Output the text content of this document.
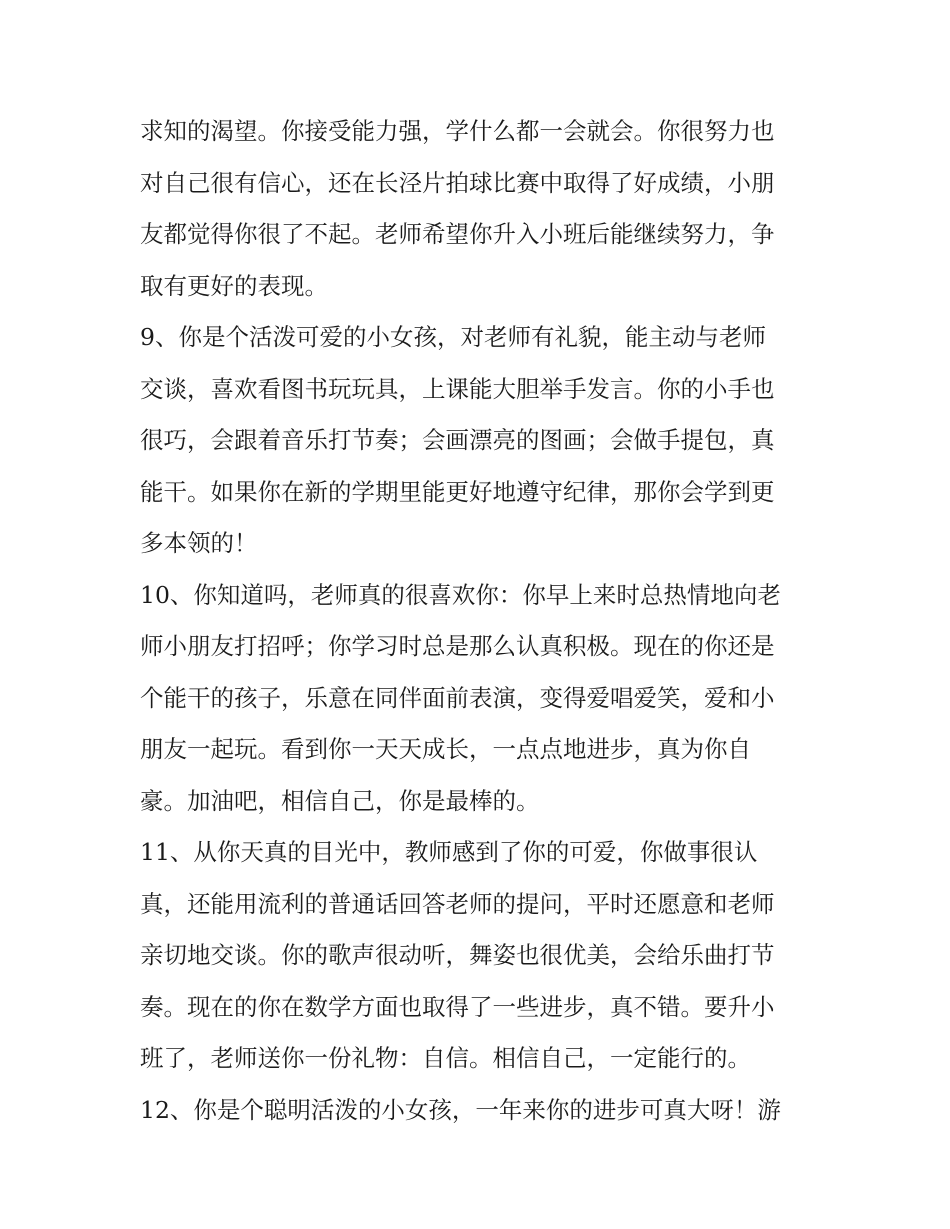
求知的渴望。你接受能力强，学什么都一会就会。你很努力也
对自己很有信心，还在长泾片拍球比赛中取得了好成绩，小朋
友都觉得你很了不起。老师希望你升入小班后能继续努力，争
取有更好的表现。
9、你是个活泼可爱的小女孩，对老师有礼貌，能主动与老师
交谈，喜欢看图书玩玩具，上课能大胆举手发言。你的小手也
很巧，会跟着音乐打节奏；会画漂亮的图画；会做手提包，真
能干。如果你在新的学期里能更好地遵守纪律，那你会学到更
多本领的！
10、你知道吗，老师真的很喜欢你：你早上来时总热情地向老
师小朋友打招呼；你学习时总是那么认真积极。现在的你还是
个能干的孩子，乐意在同伴面前表演，变得爱唱爱笑，爱和小
朋友一起玩。看到你一天天成长，一点点地进步，真为你自
豪。加油吧，相信自己，你是最棒的。
11、从你天真的目光中，教师感到了你的可爱，你做事很认
真，还能用流利的普通话回答老师的提问，平时还愿意和老师
亲切地交谈。你的歌声很动听，舞姿也很优美，会给乐曲打节
奏。现在的你在数学方面也取得了一些进步，真不错。要升小
班了，老师送你一份礼物：自信。相信自己，一定能行的。
12、你是个聪明活泼的小女孩，一年来你的进步可真大呀！游
